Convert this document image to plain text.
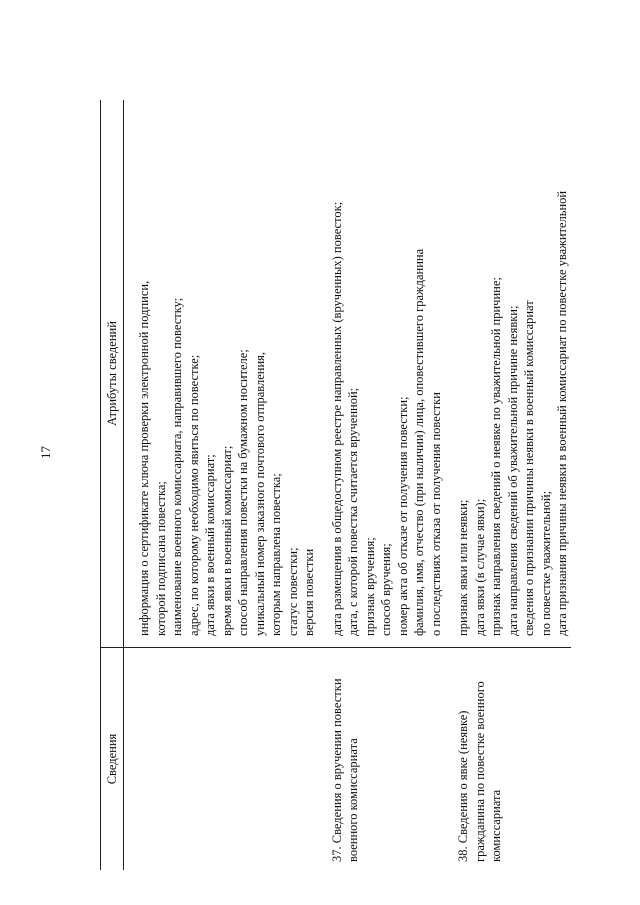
17
Сведения
Атрибуты сведений	информация о сертификате ключа проверки электронной подписи, которой подписана повестка; наименование военного комиссариата, направившего повестку; адрес, по которому необходимо явиться по повестке; дата явки в военный комиссариат; время явки в военный комиссариат; способ направления повестки на бумажном носителе; уникальный номер заказного почтового отправления, которым направлена повестка; статус повестки; версия повестки
37. Сведения о вручении повестки военного комиссариата
дата размещения в общедоступном реестре направленных (врученных) повесток; дата, с которой повестка считается врученной; признак вручения; способ вручения; номер акта об отказе от получения повестки; фамилия, имя, отчество (при наличии) лица, оповестившего гражданина о последствиях отказа от получения повестки
38. Сведения о явке (неявке) гражданина по повестке военного комиссариата
признак явки или неявки; дата явки (в случае явки); признак направления сведений о неявке по уважительной причине; дата направления сведений об уважительной причине неявки; сведения о признании причины неявки в военный комиссариат по повестке уважительной; дата признания причины неявки в военный комиссариат по повестке уважительной
